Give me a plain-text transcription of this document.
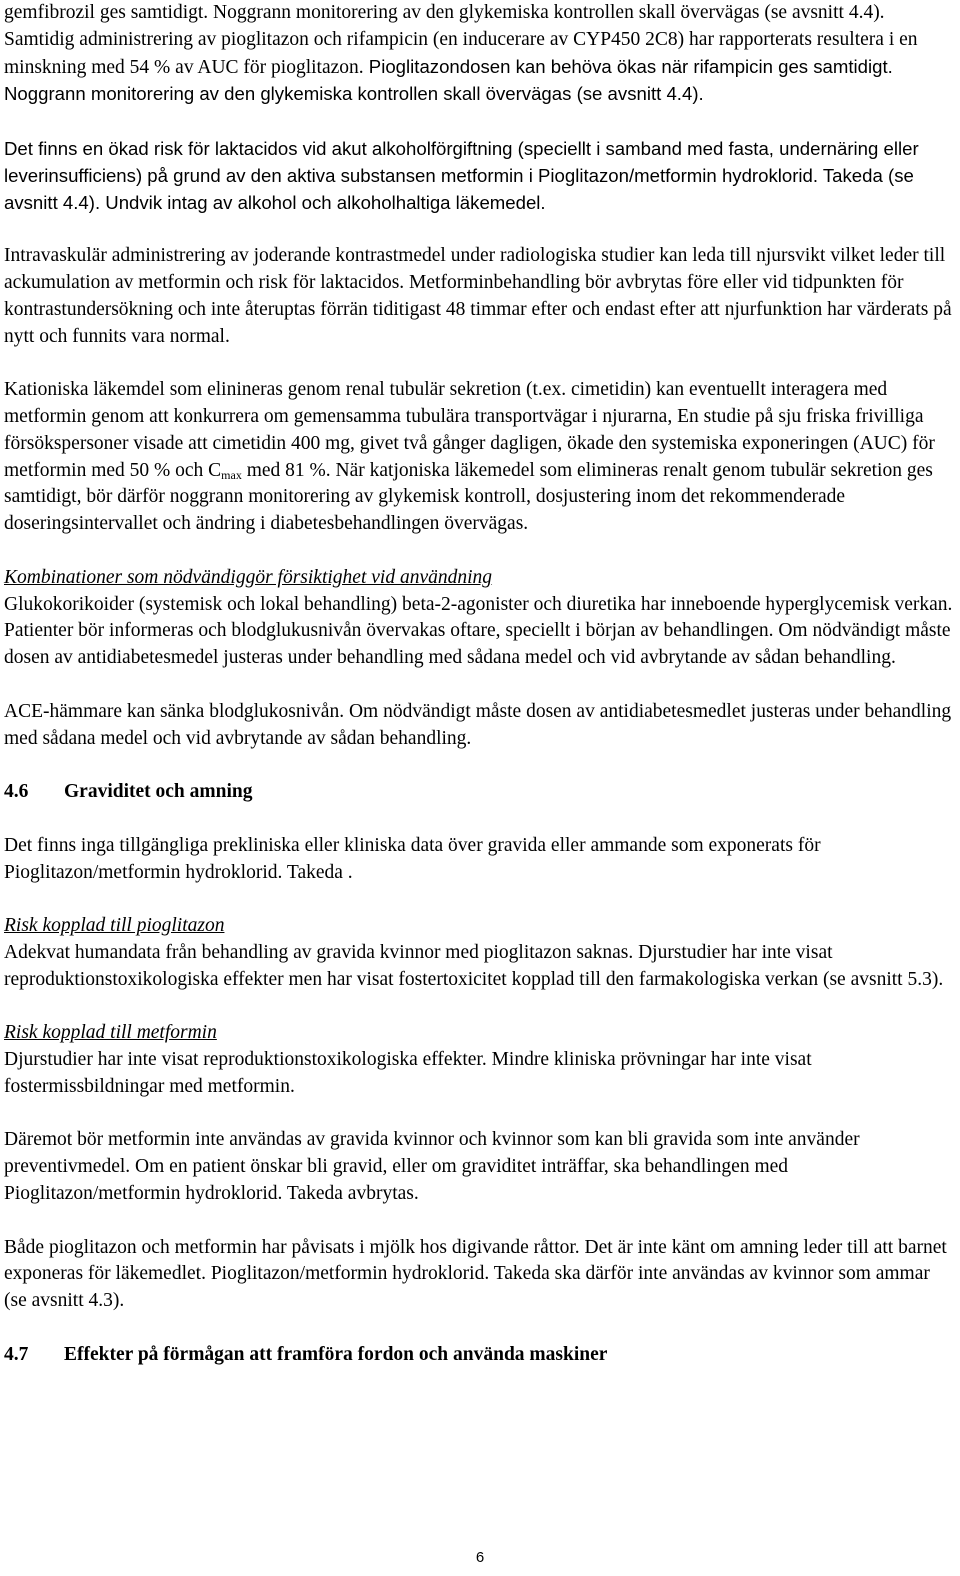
gemfibrozil ges samtidigt. Noggrann monitorering av den glykemiska kontrollen skall övervägas (se avsnitt 4.4). Samtidig administrering av pioglitazon och rifampicin (en inducerare av CYP450 2C8) har rapporterats resultera i en minskning med 54 % av AUC för pioglitazon. Pioglitazondosen kan behöva ökas när rifampicin ges samtidigt. Noggrann monitorering av den glykemiska kontrollen skall övervägas (se avsnitt 4.4).

Det finns en ökad risk för laktacidos vid akut alkoholförgiftning (speciellt i samband med fasta, undernäring eller leverinsufficiens) på grund av den aktiva substansen metformin i Pioglitazon/metformin hydroklorid. Takeda (se avsnitt 4.4). Undvik intag av alkohol och alkoholhaltiga läkemedel.

Intravaskulär administrering av joderande kontrastmedel under radiologiska studier kan leda till njursvikt vilket leder till ackumulation av metformin och risk för laktacidos. Metforminbehandling bör avbrytas före eller vid tidpunkten för kontrastundersökning och inte återuptas förrän tiditigast 48 timmar efter och endast efter att njurfunktion har värderats på nytt och funnits vara normal.

Kationiska läkemdel som elinineras genom renal tubulär sekretion (t.ex. cimetidin) kan eventuellt interagera med metformin genom att konkurrera om gemensamma tubulära transportvägar i njurarna, En studie på sju friska frivilliga försökspersoner visade att cimetidin 400 mg, givet två gånger dagligen, ökade den systemiska exponeringen (AUC) för metformin med 50 % och $C_{max}$ med 81 %. När katjoniska läkemedel som elimineras renalt genom tubulär sekretion ges samtidigt, bör därför noggrann monitorering av glykemisk kontroll, dosjustering inom det rekommenderade doseringsintervallet och ändring i diabetesbehandlingen övervägas.

Kombinationer som nödvändiggör försiktighet vid användning

Glukokorikoider (systemisk och lokal behandling) beta-2-agonister och diuretika har inneboende hyperglycemisk verkan. Patienter bör informeras och blodglukusnivån övervakas oftare, speciellt i början av behandlingen. Om nödvändigt måste dosen av antidiabetesmedel justeras under behandling med sådana medel och vid avbrytande av sådan behandling.

ACE-hämmare kan sänka blodglukosnivån. Om nödvändigt måste dosen av antidiabetesmedlet justeras under behandling med sådana medel och vid avbrytande av sådan behandling.

4.6 Graviditet och amning

Det finns inga tillgängliga prekliniska eller kliniska data över gravida eller ammande som exponerats för Pioglitazon/metformin hydroklorid. Takeda .

Risk kopplad till pioglitazon

Adekvat humandata från behandling av gravida kvinnor med pioglitazon saknas. Djurstudier har inte visat reproduktionstoxikologiska effekter men har visat fostertoxicitet kopplad till den farmakologiska verkan (se avsnitt 5.3).

Risk kopplad till metformin

Djurstudier har inte visat reproduktionstoxikologiska effekter. Mindre kliniska prövningar har inte visat fostermissbildningar med metformin.

Däremot bör metformin inte användas av gravida kvinnor och kvinnor som kan bli gravida som inte använder preventivmedel. Om en patient önskar bli gravid, eller om graviditet inträffar, ska behandlingen med Pioglitazon/metformin hydroklorid. Takeda avbrytas.

Både pioglitazon och metformin har påvisats i mjölk hos digivande råttor. Det är inte känt om amning leder till att barnet exponeras för läkemedlet. Pioglitazon/metformin hydroklorid. Takeda ska därför inte användas av kvinnor som ammar (se avsnitt 4.3).

4.7 Effekter på förmågan att framföra fordon och använda maskiner

6
